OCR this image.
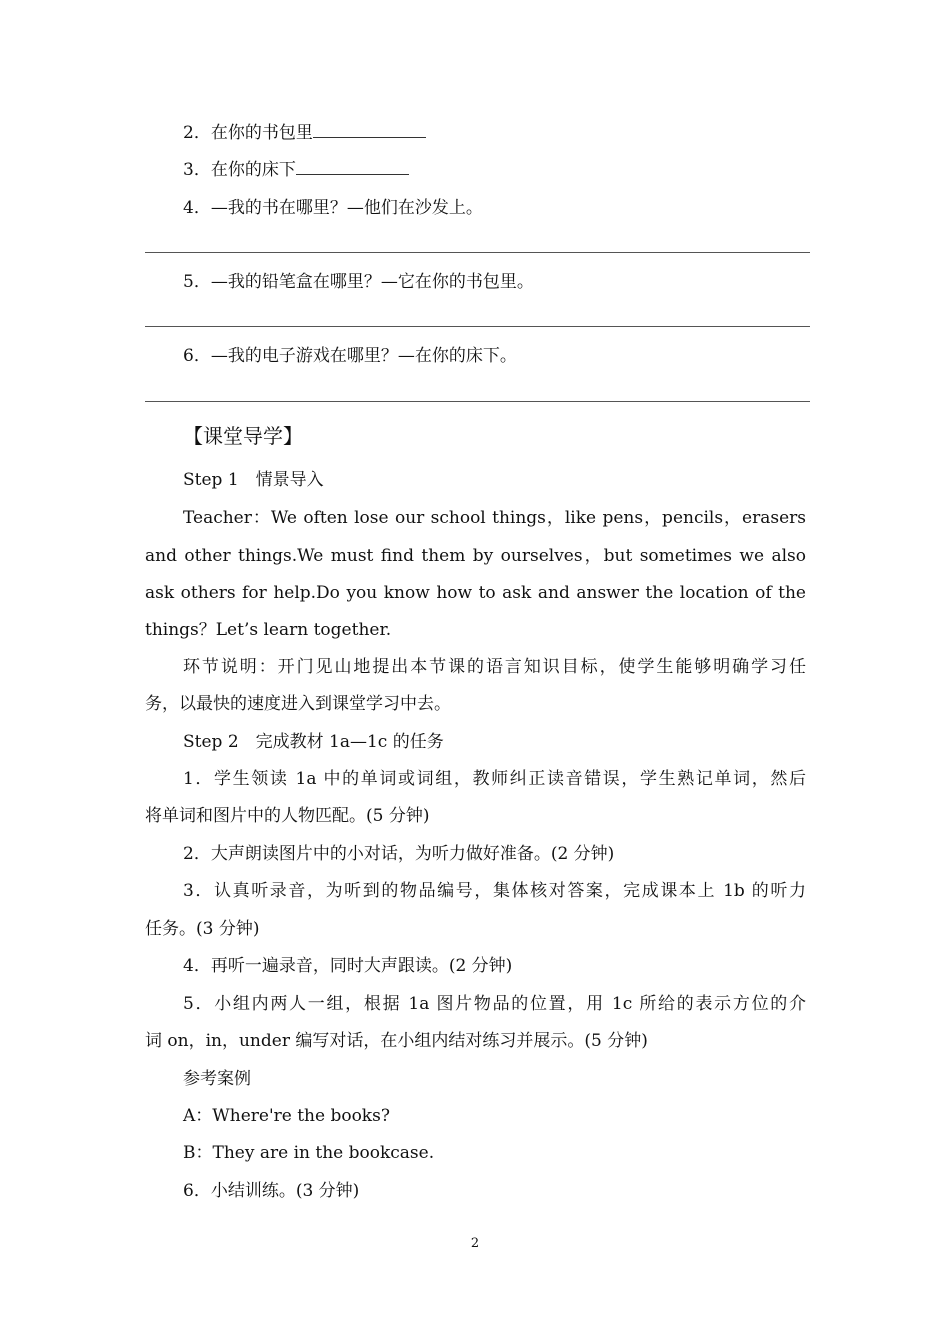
2．在你的书包里
3．在你的床下
4．—我的书在哪里？—他们在沙发上。
5．—我的铅笔盒在哪里？—它在你的书包里。
6．—我的电子游戏在哪里？—在你的床下。
【课堂导学】
Step 1　情景导入
Teacher：We often lose our school things，like pens，pencils，erasers
and other things.We must find them by ourselves，but sometimes we also
ask others for help.Do you know how to ask and answer the location of the
things？Let’s learn together.
环节说明：开门见山地提出本节课的语言知识目标，使学生能够明确学习任
务，以最快的速度进入到课堂学习中去。
Step 2　完成教材 1a—1c 的任务
1．学生领读 1a 中的单词或词组，教师纠正读音错误，学生熟记单词，然后
将单词和图片中的人物匹配。(5 分钟)
2．大声朗读图片中的小对话，为听力做好准备。(2 分钟)
3．认真听录音，为听到的物品编号，集体核对答案，完成课本上 1b 的听力
任务。(3 分钟)
4．再听一遍录音，同时大声跟读。(2 分钟)
5．小组内两人一组，根据 1a 图片物品的位置，用 1c 所给的表示方位的介
词 on，in，under 编写对话，在小组内结对练习并展示。(5 分钟)
参考案例
A：Where're the books?
B：They are in the bookcase.
6．小结训练。(3 分钟)
2
